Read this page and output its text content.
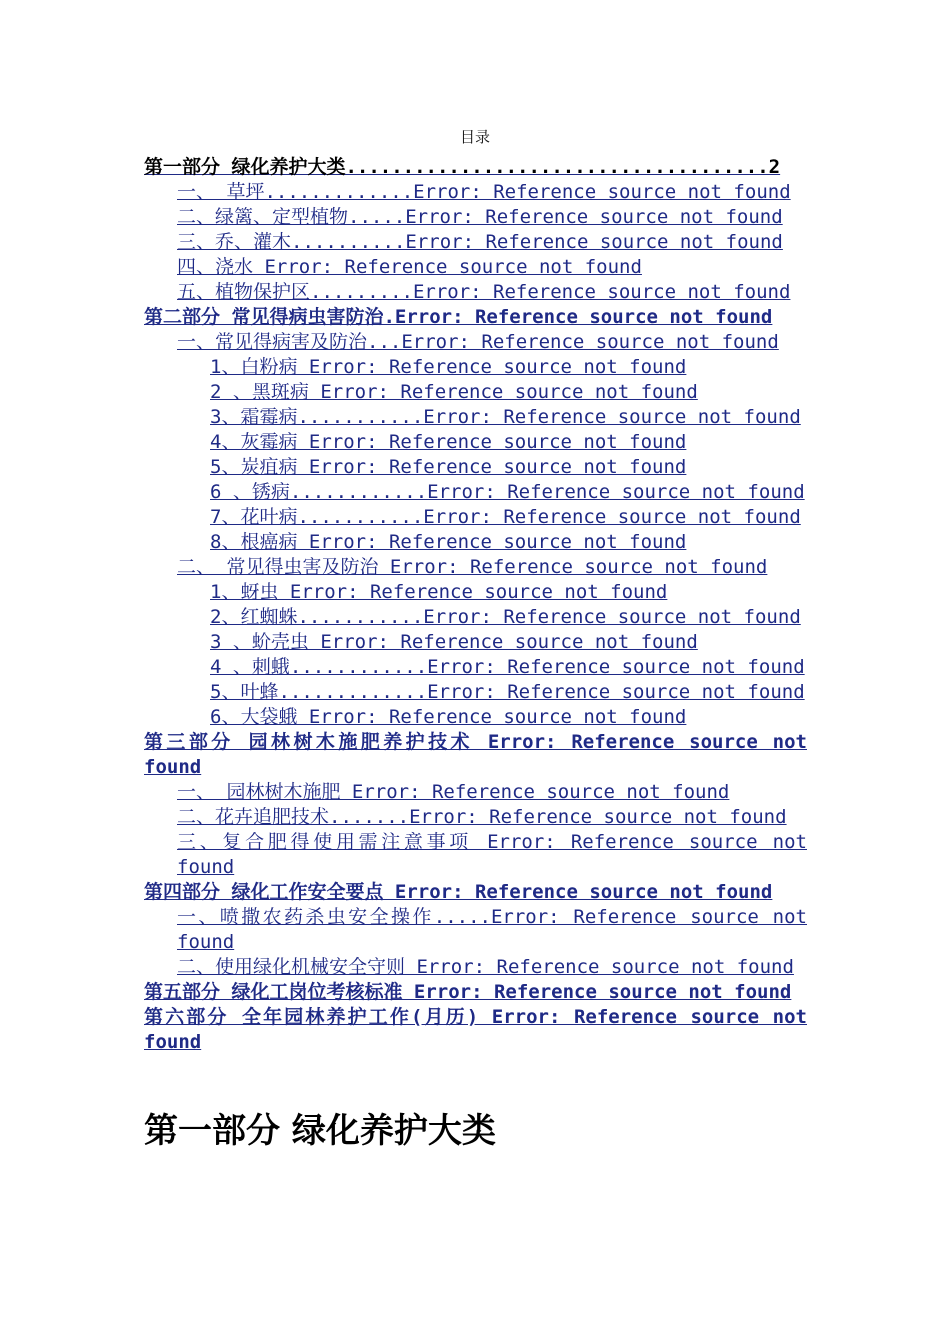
目录
第一部分 绿化养护大类.....................................2
一、 草坪.............Error: Reference source not found
二、绿篱、定型植物.....Error: Reference source not found
三、乔、灌木..........Error: Reference source not found
四、浇水 Error: Reference source not found
五、植物保护区.........Error: Reference source not found
第二部分 常见得病虫害防治.Error: Reference source not found
一、常见得病害及防治...Error: Reference source not found
1、白粉病 Error: Reference source not found
2 、黑斑病 Error: Reference source not found
3、霜霉病...........Error: Reference source not found
4、灰霉病 Error: Reference source not found
5、炭疽病 Error: Reference source not found
6 、锈病............Error: Reference source not found
7、花叶病...........Error: Reference source not found
8、根癌病 Error: Reference source not found
二、 常见得虫害及防治 Error: Reference source not found
1、蚜虫 Error: Reference source not found
2、红蜘蛛...........Error: Reference source not found
3 、蚧壳虫 Error: Reference source not found
4 、刺蛾............Error: Reference source not found
5、叶蜂.............Error: Reference source not found
6、大袋蛾 Error: Reference source not found
第三部分 园林树木施肥养护技术 Error: Reference source not found
一、 园林树木施肥 Error: Reference source not found
二、花卉追肥技术.......Error: Reference source not found
三、复合肥得使用需注意事项 Error: Reference source not found
第四部分 绿化工作安全要点 Error: Reference source not found
一、喷撒农药杀虫安全操作.....Error: Reference source not found
二、使用绿化机械安全守则 Error: Reference source not found
第五部分 绿化工岗位考核标准 Error: Reference source not found
第六部分 全年园林养护工作(月历) Error: Reference source not found
第一部分 绿化养护大类
